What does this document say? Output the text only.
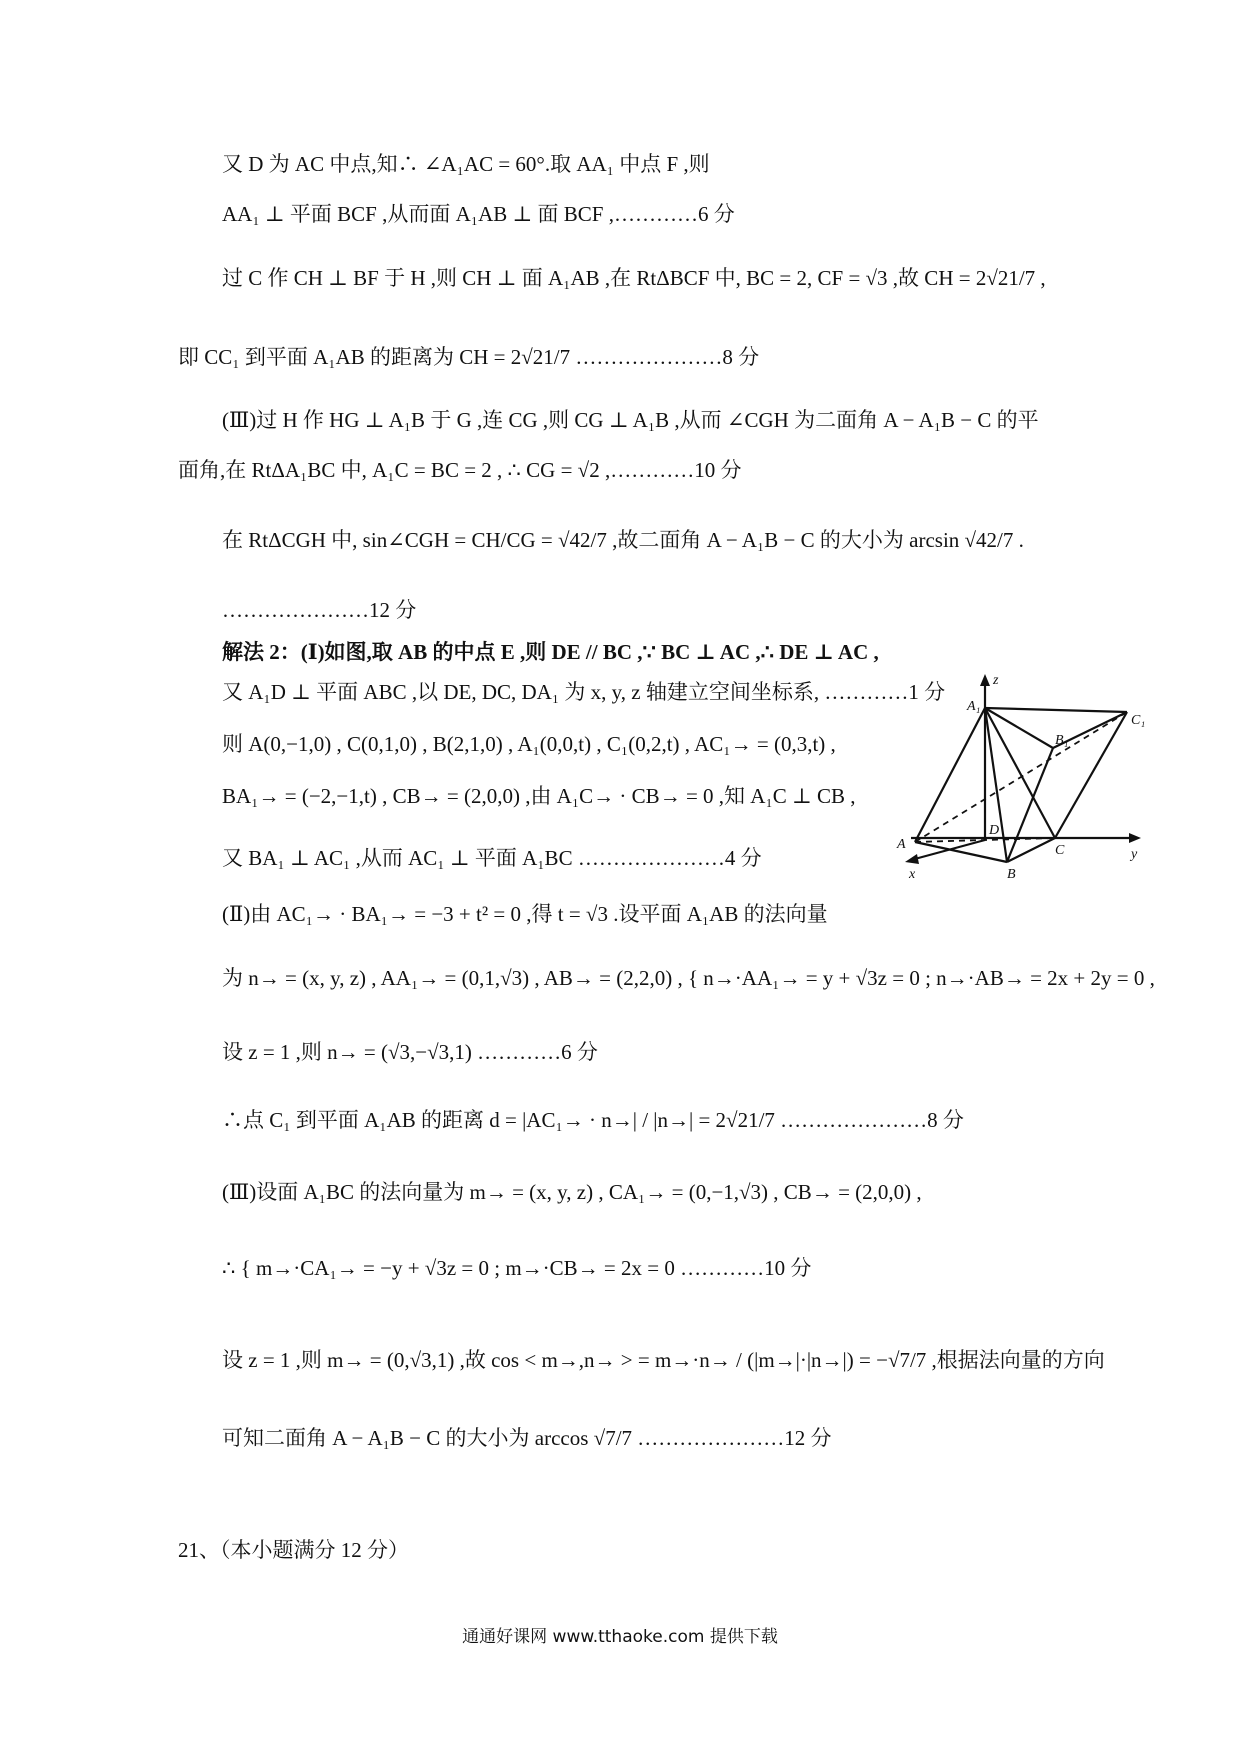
又 D 为 AC 中点,知∴ ∠A₁AC = 60°.取 AA₁ 中点 F ,则
AA₁ ⊥ 平面 BCF ,从而面 A₁AB ⊥ 面 BCF ,…………6 分
过 C 作 CH ⊥ BF 于 H ,则 CH ⊥ 面 A₁AB ,在 RtΔBCF 中, BC = 2, CF = √3 ,故 CH = 2√21/7 ,
即 CC₁ 到平面 A₁AB 的距离为 CH = 2√21/7 …………………8 分
(Ⅲ)过 H 作 HG ⊥ A₁B 于 G ,连 CG ,则 CG ⊥ A₁B ,从而 ∠CGH 为二面角 A − A₁B − C 的平
面角,在 RtΔA₁BC 中, A₁C = BC = 2 , ∴ CG = √2 ,…………10 分
在 RtΔCGH 中, sin∠CGH = CH/CG = √42/7 ,故二面角 A − A₁B − C 的大小为 arcsin √42/7 .
…………………12 分
解法 2：(Ⅰ)如图,取 AB 的中点 E ,则 DE // BC ,∵ BC ⊥ AC ,∴ DE ⊥ AC ,
又 A₁D ⊥ 平面 ABC ,以 DE, DC, DA₁ 为 x, y, z 轴建立空间坐标系, …………1 分
则 A(0,−1,0) , C(0,1,0) , B(2,1,0) , A₁(0,0,t) , C₁(0,2,t) , AC₁→ = (0,3,t) ,
BA₁→ = (−2,−1,t) , CB→ = (2,0,0) ,由 A₁C→ · CB→ = 0 ,知 A₁C ⊥ CB ,
又 BA₁ ⊥ AC₁ ,从而 AC₁ ⊥ 平面 A₁BC …………………4 分
(Ⅱ)由 AC₁→ · BA₁→ = −3 + t² = 0 ,得 t = √3 .设平面 A₁AB 的法向量
为 n→ = (x, y, z) , AA₁→ = (0,1,√3) , AB→ = (2,2,0) , { n→·AA₁→ = y + √3z = 0 ; n→·AB→ = 2x + 2y = 0 ,
设 z = 1 ,则 n→ = (√3,−√3,1) …………6 分
∴点 C₁ 到平面 A₁AB 的距离 d = |AC₁→ · n→| / |n→| = 2√21/7 …………………8 分
(Ⅲ)设面 A₁BC 的法向量为 m→ = (x, y, z) , CA₁→ = (0,−1,√3) , CB→ = (2,0,0) ,
∴ { m→·CA₁→ = −y + √3z = 0 ; m→·CB→ = 2x = 0 …………10 分
设 z = 1 ,则 m→ = (0,√3,1) ,故 cos < m→,n→ > = m→·n→ / (|m→|·|n→|) = −√7/7 ,根据法向量的方向
可知二面角 A − A₁B − C 的大小为 arccos √7/7 …………………12 分
21、（本小题满分 12 分）
z
y
x
A₁
B₁
C₁
A
B
C
D
通通好课网 www.tthaoke.com 提供下载
